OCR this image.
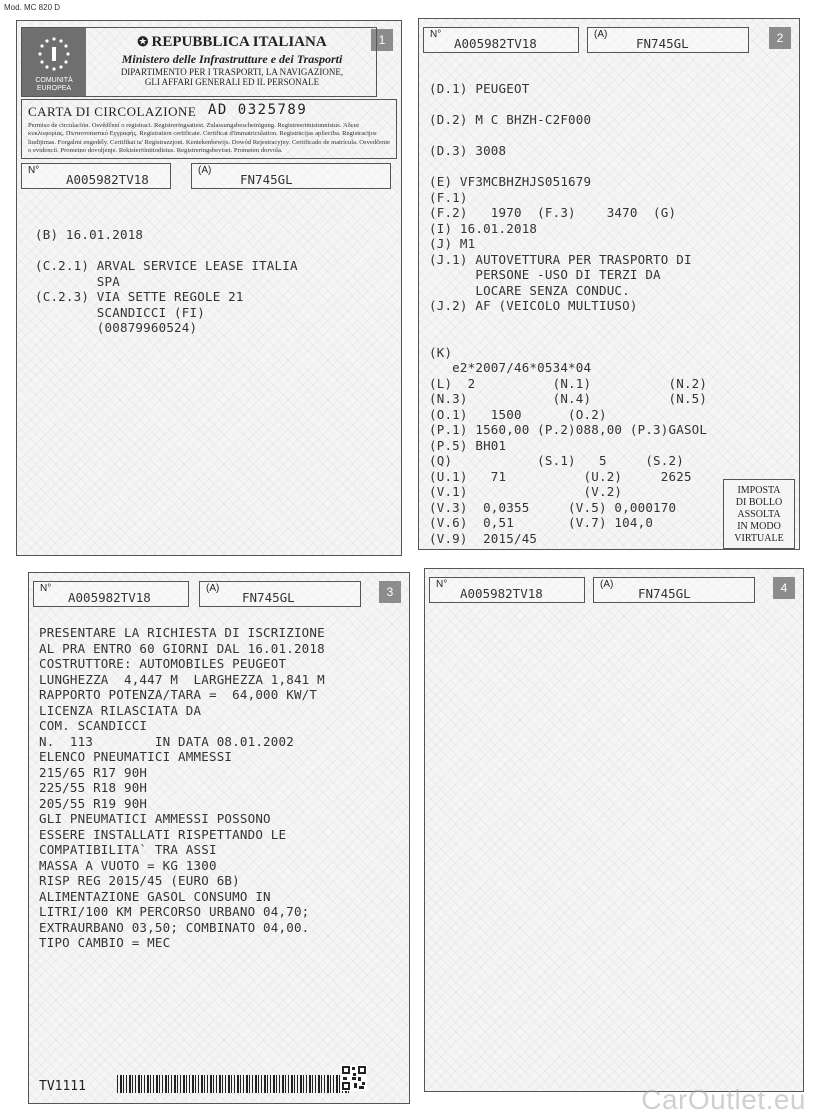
Mod. MC 820 D
1
COMUNITÀ EUROPEA
✪ REPUBBLICA ITALIANA
Ministero delle Infrastrutture e dei Trasporti
DIPARTIMENTO PER I TRASPORTI, LA NAVIGAZIONE,
GLI AFFARI GENERALI ED IL PERSONALE
CARTA DI CIRCOLAZIONE AD 0325789
Permiso de circulación. Osvědčení o registraci. Registreringsattest. Zulassungsbescheinigung. Registreerimistunnistus. Άδεια κυκλοφορίας. Пътнотопитικό Εγγραφής. Registration certificate. Certificat d'immatriculation. Registrācijas apliecība. Registracijos liudijimas. Forgalmi engedély. Certifikat ta' Registrazzjoni. Kentekenbewijs. Dowód Rejestracyjny. Certificado de matrícula. Osvedčenie o evidencii. Prometno dovoljenje. Rekisteröintitodistus. Registreringsbeviset. Prometen dorvola.
N°
A005982TV18
(A)
FN745GL
(B) 16.01.2018

(C.2.1) ARVAL SERVICE LEASE ITALIA
SPA
(C.2.3) VIA SETTE REGOLE 21
SCANDICCI (FI)
(00879960524)
2
N°
A005982TV18
(A)
FN745GL
(D.1) PEUGEOT

(D.2) M C BHZH-C2F000

(D.3) 3008

(E) VF3MCBHZHJS051679
(F.1)
(F.2)   1970  (F.3)    3470  (G)
(I) 16.01.2018
(J) M1
(J.1) AUTOVETTURA PER TRASPORTO DI
PERSONE -USO DI TERZI DA
LOCARE SENZA CONDUC.
(J.2) AF (VEICOLO MULTIUSO)

(K)
e2*2007/46*0534*04
(L)  2          (N.1)          (N.2)
(N.3)           (N.4)          (N.5)
(O.1)   1500      (O.2)
(P.1) 1560,00 (P.2)088,00 (P.3)GASOL
(P.5) BH01
(Q)           (S.1)   5     (S.2)
(U.1)   71          (U.2)     2625
(V.1)               (V.2)
(V.3)  0,0355     (V.5) 0,000170
(V.6)  0,51       (V.7) 104,0
(V.9)  2015/45
IMPOSTA
DI BOLLO
ASSOLTA
IN MODO
VIRTUALE
3
N°
A005982TV18
(A)
FN745GL
PRESENTARE LA RICHIESTA DI ISCRIZIONE
AL PRA ENTRO 60 GIORNI DAL 16.01.2018
COSTRUTTORE: AUTOMOBILES PEUGEOT
LUNGHEZZA  4,447 M  LARGHEZZA 1,841 M
RAPPORTO POTENZA/TARA =  64,000 KW/T
LICENZA RILASCIATA DA
COM. SCANDICCI
N.  113        IN DATA 08.01.2002
ELENCO PNEUMATICI AMMESSI
215/65 R17 90H
225/55 R18 90H
205/55 R19 90H
GLI PNEUMATICI AMMESSI POSSONO
ESSERE INSTALLATI RISPETTANDO LE
COMPATIBILITA` TRA ASSI
MASSA A VUOTO = KG 1300
RISP REG 2015/45 (EURO 6B)
ALIMENTAZIONE GASOL CONSUMO IN
LITRI/100 KM PERCORSO URBANO 04,70;
EXTRAURBANO 03,50; COMBINATO 04,00.
TIPO CAMBIO = MEC
TV1111
4
N°
A005982TV18
(A)
FN745GL
CarOutlet.eu
